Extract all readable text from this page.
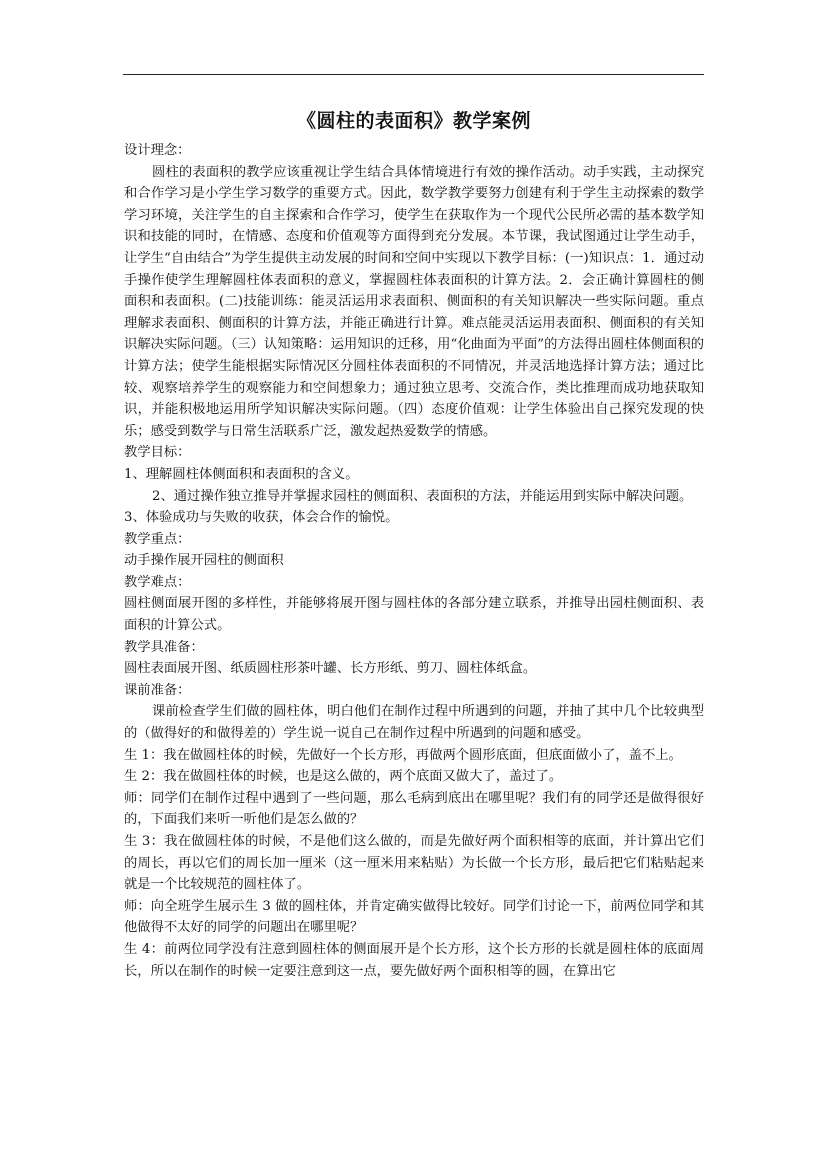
《圆柱的表面积》教学案例

设计理念：

圆柱的表面积的教学应该重视让学生结合具体情境进行有效的操作活动。动手实践，主动探究和合作学习是小学生学习数学的重要方式。因此，数学教学要努力创建有利于学生主动探索的数学学习环境，关注学生的自主探索和合作学习，使学生在获取作为一个现代公民所必需的基本数学知识和技能的同时，在情感、态度和价值观等方面得到充分发展。本节课，我试图通过让学生动手，让学生“自由结合”为学生提供主动发展的时间和空间中实现以下教学目标：(一)知识点：1．通过动手操作使学生理解圆柱体表面积的意义，掌握圆柱体表面积的计算方法。2．会正确计算圆柱的侧面积和表面积。(二)技能训练：能灵活运用求表面积、侧面积的有关知识解决一些实际问题。重点理解求表面积、侧面积的计算方法，并能正确进行计算。难点能灵活运用表面积、侧面积的有关知识解决实际问题。（三）认知策略：运用知识的迁移，用“化曲面为平面”的方法得出圆柱体侧面积的计算方法；使学生能根据实际情况区分圆柱体表面积的不同情况，并灵活地选择计算方法；通过比较、观察培养学生的观察能力和空间想象力；通过独立思考、交流合作，类比推理而成功地获取知识，并能积极地运用所学知识解决实际问题。（四）态度价值观：让学生体验出自己探究发现的快乐；感受到数学与日常生活联系广泛，激发起热爱数学的情感。

教学目标：

1、理解圆柱体侧面积和表面积的含义。

2、通过操作独立推导并掌握求园柱的侧面积、表面积的方法，并能运用到实际中解决问题。

3、体验成功与失败的收获，体会合作的愉悦。

教学重点：

动手操作展开园柱的侧面积

教学难点：

圆柱侧面展开图的多样性，并能够将展开图与圆柱体的各部分建立联系，并推导出园柱侧面积、表面积的计算公式。

教学具准备：

圆柱表面展开图、纸质圆柱形茶叶罐、长方形纸、剪刀、圆柱体纸盒。

课前准备：

课前检查学生们做的圆柱体，明白他们在制作过程中所遇到的问题，并抽了其中几个比较典型的（做得好的和做得差的）学生说一说自己在制作过程中所遇到的问题和感受。

生 1：我在做圆柱体的时候，先做好一个长方形，再做两个圆形底面，但底面做小了，盖不上。

生 2：我在做圆柱体的时候，也是这么做的，两个底面又做大了，盖过了。

师：同学们在制作过程中遇到了一些问题，那么毛病到底出在哪里呢？我们有的同学还是做得很好的，下面我们来听一听他们是怎么做的？

生 3：我在做圆柱体的时候，不是他们这么做的，而是先做好两个面积相等的底面，并计算出它们的周长，再以它们的周长加一厘米（这一厘米用来粘贴）为长做一个长方形，最后把它们粘贴起来就是一个比较规范的圆柱体了。

师：向全班学生展示生 3 做的圆柱体，并肯定确实做得比较好。同学们讨论一下，前两位同学和其他做得不太好的同学的问题出在哪里呢？

生 4：前两位同学没有注意到圆柱体的侧面展开是个长方形，这个长方形的长就是圆柱体的底面周长，所以在制作的时候一定要注意到这一点，要先做好两个面积相等的圆，在算出它
